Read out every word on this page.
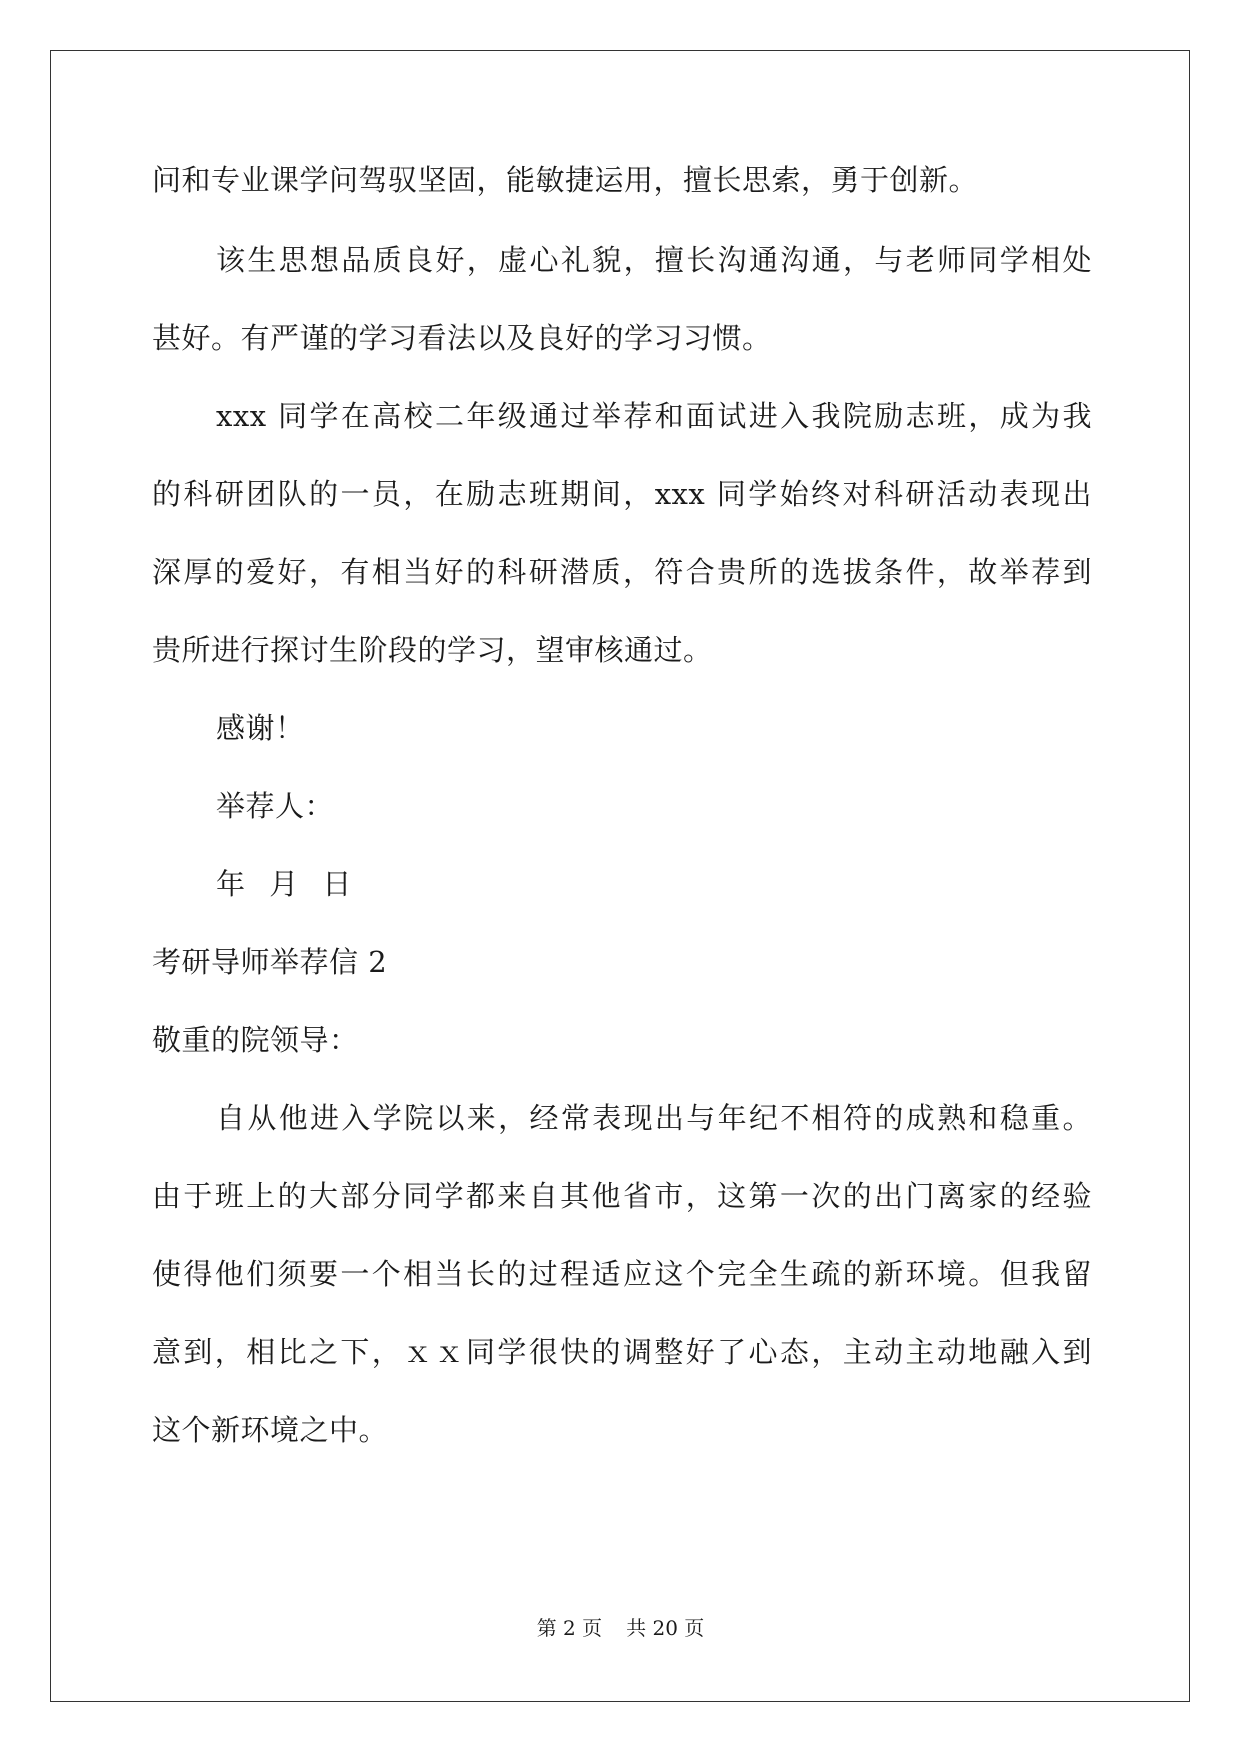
问和专业课学问驾驭坚固，能敏捷运用，擅长思索，勇于创新。
该生思想品质良好，虚心礼貌，擅长沟通沟通，与老师同学相处
甚好。有严谨的学习看法以及良好的学习习惯。
xxx 同学在高校二年级通过举荐和面试进入我院励志班，成为我
的科研团队的一员，在励志班期间，xxx 同学始终对科研活动表现出
深厚的爱好，有相当好的科研潜质，符合贵所的选拔条件，故举荐到
贵所进行探讨生阶段的学习，望审核通过。
感谢！
举荐人：
年 月 日
考研导师举荐信 2
敬重的院领导：
自从他进入学院以来，经常表现出与年纪不相符的成熟和稳重。
由于班上的大部分同学都来自其他省市，这第一次的出门离家的经验
使得他们须要一个相当长的过程适应这个完全生疏的新环境。但我留
意到，相比之下，ｘｘ同学很快的调整好了心态，主动主动地融入到
这个新环境之中。
第 2 页 共 20 页
